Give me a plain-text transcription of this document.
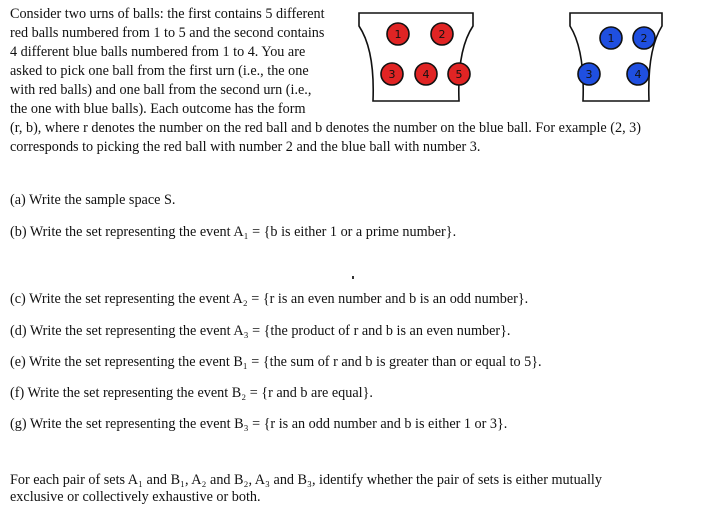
Consider two urns of balls: the first contains 5 different
red balls numbered from 1 to 5 and the second contains
4 different blue balls numbered from 1 to 4. You are
asked to pick one ball from the first urn (i.e., the one
with red balls) and one ball from the second urn (i.e.,
the one with blue balls). Each outcome has the form
(r, b), where r denotes the number on the red ball and b denotes the number on the blue ball. For example (2, 3)
corresponds to picking the red ball with number 2 and the blue ball with number 3.
1	2
3 4 5
1 2
3	4
(a) Write the sample space S.
(b) Write the set representing the event A₁ = {b is either 1 or a prime number}.
(c) Write the set representing the event A₂ = {r is an even number and b is an odd number}.
(d) Write the set representing the event A₃ = {the product of r and b is an even number}.
(e) Write the set representing the event B₁ = {the sum of r and b is greater than or equal to 5}.
(f) Write the set representing the event B₂ = {r and b are equal}.
(g) Write the set representing the event B₃ = {r is an odd number and b is either 1 or 3}.
For each pair of sets A₁ and B₁, A₂ and B₂, A₃ and B₃, identify whether the pair of sets is either mutually
exclusive or collectively exhaustive or both.
